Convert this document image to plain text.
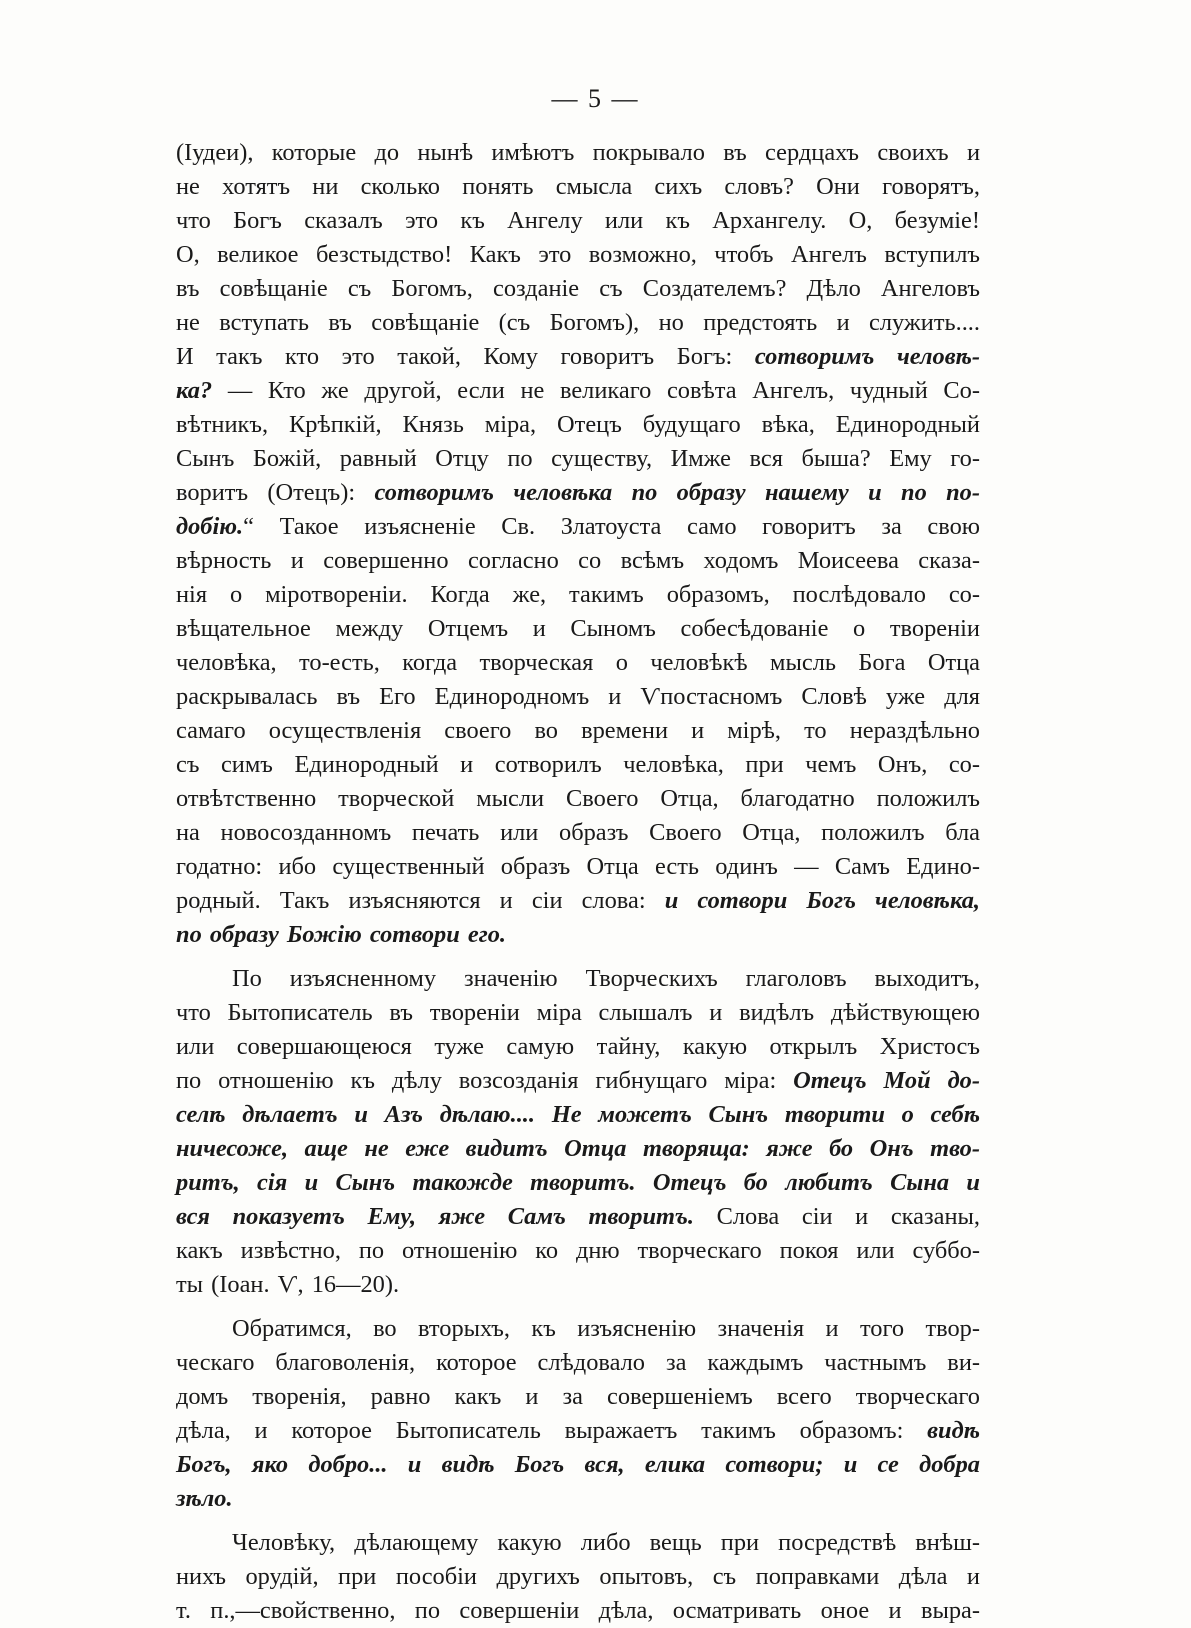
— 5 —
(Іудеи), которые до нынѣ имѣютъ покрывало въ сердцахъ своихъ и
не хотятъ ни сколько понять смысла сихъ словъ? Они говорятъ,
что Богъ сказалъ это къ Ангелу или къ Архангелу. О, безуміе!
О, великое безстыдство! Какъ это возможно, чтобъ Ангелъ вступилъ
въ совѣщаніе съ Богомъ, созданіе съ Создателемъ? Дѣло Ангеловъ
не вступать въ совѣщаніе (съ Богомъ), но предстоять и служить....
И такъ кто это такой, Кому говоритъ Богъ: сотворимъ человѣ-
ка? — Кто же другой, если не великаго совѣта Ангелъ, чудный Со-
вѣтникъ, Крѣпкій, Князь міра, Отецъ будущаго вѣка, Единородный
Сынъ Божій, равный Отцу по существу, Имже вся быша? Ему го-
воритъ (Отецъ): сотворимъ человѣка по образу нашему и по по-
добію.“ Такое изъясненіе Св. Златоуста само говоритъ за свою
вѣрность и совершенно согласно со всѣмъ ходомъ Моисеева сказа-
нія о міротвореніи. Когда же, такимъ образомъ, послѣдовало со-
вѣщательное между Отцемъ и Сыномъ собесѣдованіе о твореніи
человѣка, то-есть, когда творческая о человѣкѣ мысль Бога Отца
раскрывалась въ Его Единородномъ и Ѵпостасномъ Словѣ уже для
самаго осуществленія своего во времени и мірѣ, то нераздѣльно
съ симъ Единородный и сотворилъ человѣка, при чемъ Онъ, со-
отвѣтственно творческой мысли Своего Отца, благодатно положилъ
на новосозданномъ печать или образъ Своего Отца, положилъ бла
годатно: ибо существенный образъ Отца есть одинъ — Самъ Едино-
родный. Такъ изъясняются и сіи слова: и сотвори Богъ человѣка,
по образу Божію сотвори его.
По изъясненному значенію Творческихъ глаголовъ выходитъ,
что Бытописатель въ твореніи міра слышалъ и видѣлъ дѣйствующею
или совершающеюся туже самую тайну, какую открылъ Христосъ
по отношенію къ дѣлу возсозданія гибнущаго міра: Отецъ Мой до-
селѣ дѣлаетъ и Азъ дѣлаю.... Не можетъ Сынъ творити о себѣ
ничесоже, аще не еже видитъ Отца творяща: яже бо Онъ тво-
ритъ, сія и Сынъ такожде творитъ. Отецъ бо любитъ Сына и
вся показуетъ Ему, яже Самъ творитъ. Слова сіи и сказаны,
какъ извѣстно, по отношенію ко дню творческаго покоя или суббо-
ты (Іоан. Ѵ, 16—20).
Обратимся, во вторыхъ, къ изъясненію значенія и того твор-
ческаго благоволенія, которое слѣдовало за каждымъ частнымъ ви-
домъ творенія, равно какъ и за совершеніемъ всего творческаго
дѣла, и которое Бытописатель выражаетъ такимъ образомъ: видѣ
Богъ, яко добро... и видѣ Богъ вся, елика сотвори; и се добра
зѣло.
Человѣку, дѣлающему какую либо вещь при посредствѣ внѣш-
нихъ орудій, при пособіи другихъ опытовъ, съ поправками дѣла и
т. п.,—свойственно, по совершеніи дѣла, осматривать оное и выра-
